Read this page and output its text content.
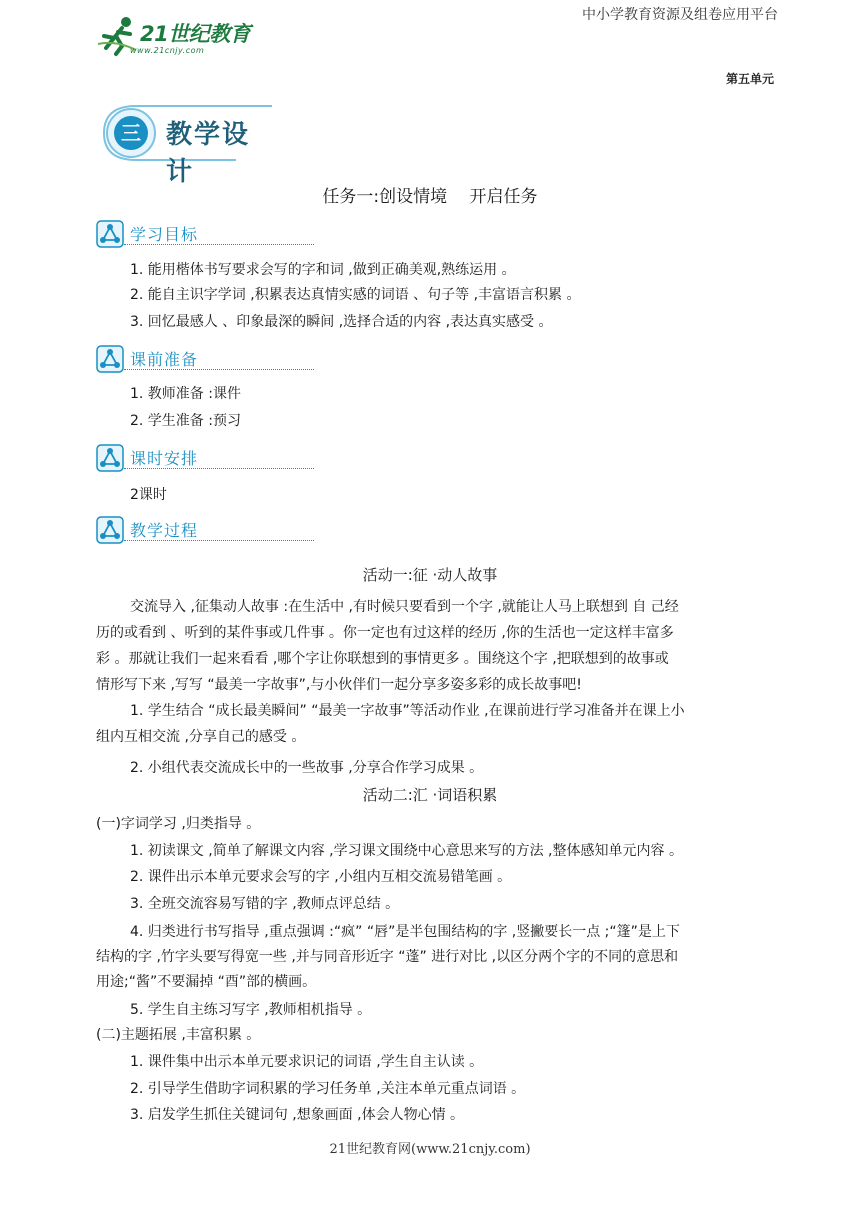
21世纪教育
www.21cnjy.com
中小学教育资源及组卷应用平台
第五单元
三 教学设计
任务一:创设情境　 开启任务
学习目标
1. 能用楷体书写要求会写的字和词 ,做到正确美观,熟练运用 。
2. 能自主识字学词 ,积累表达真情实感的词语 、句子等 ,丰富语言积累 。
3. 回忆最感人 、印象最深的瞬间 ,选择合适的内容 ,表达真实感受 。
课前准备
1. 教师准备 :课件
2. 学生准备 :预习
课时安排
2课时
教学过程
活动一:征 ·动人故事
交流导入 ,征集动人故事 :在生活中 ,有时候只要看到一个字 ,就能让人马上联想到 自 己经
历的或看到 、听到的某件事或几件事 。你一定也有过这样的经历 ,你的生活也一定这样丰富多
彩 。那就让我们一起来看看 ,哪个字让你联想到的事情更多 。围绕这个字 ,把联想到的故事或
情形写下来 ,写写 “最美一字故事”,与小伙伴们一起分享多姿多彩的成长故事吧!
1. 学生结合 “成长最美瞬间” “最美一字故事”等活动作业 ,在课前进行学习准备并在课上小
组内互相交流 ,分享自己的感受 。
2. 小组代表交流成长中的一些故事 ,分享合作学习成果 。
活动二:汇 ·词语积累
(一)字词学习 ,归类指导 。
1. 初读课文 ,简单了解课文内容 ,学习课文围绕中心意思来写的方法 ,整体感知单元内容 。
2. 课件出示本单元要求会写的字 ,小组内互相交流易错笔画 。
3. 全班交流容易写错的字 ,教师点评总结 。
4. 归类进行书写指导 ,重点强调 :“疯” “唇”是半包围结构的字 ,竖撇要长一点 ;“篷”是上下
结构的字 ,竹字头要写得宽一些 ,并与同音形近字 “蓬” 进行对比 ,以区分两个字的不同的意思和
用途;“酱”不要漏掉 “酉”部的横画。
5. 学生自主练习写字 ,教师相机指导 。
(二)主题拓展 ,丰富积累 。
1. 课件集中出示本单元要求识记的词语 ,学生自主认读 。
2. 引导学生借助字词积累的学习任务单 ,关注本单元重点词语 。
3. 启发学生抓住关键词句 ,想象画面 ,体会人物心情 。
21世纪教育网(www.21cnjy.com)
